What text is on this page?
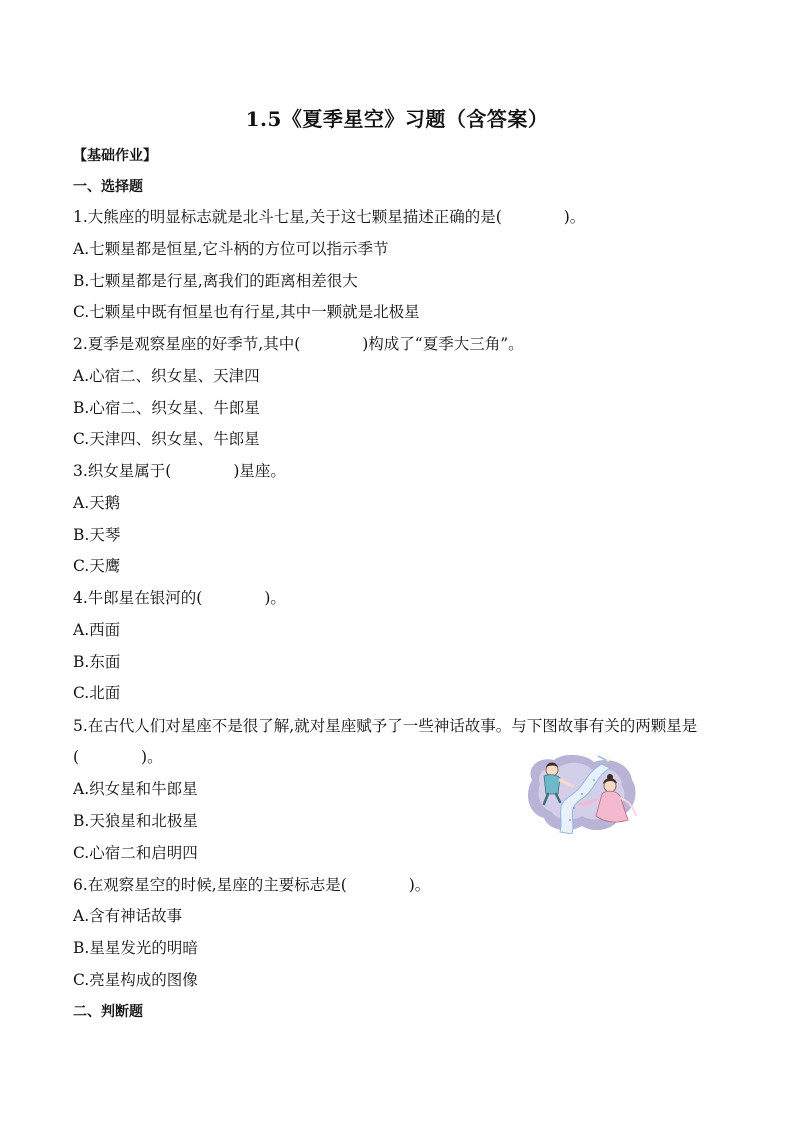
1.5《夏季星空》习题（含答案）
【基础作业】
一、选择题
1.大熊座的明显标志就是北斗七星,关于这七颗星描述正确的是(　　　　)。
A.七颗星都是恒星,它斗柄的方位可以指示季节
B.七颗星都是行星,离我们的距离相差很大
C.七颗星中既有恒星也有行星,其中一颗就是北极星
2.夏季是观察星座的好季节,其中(　　　　)构成了“夏季大三角”。
A.心宿二、织女星、天津四
B.心宿二、织女星、牛郎星
C.天津四、织女星、牛郎星
3.织女星属于(　　　　)星座。
A.天鹅
B.天琴
C.天鹰
4.牛郎星在银河的(　　　　)。
A.西面
B.东面
C.北面
5.在古代人们对星座不是很了解,就对星座赋予了一些神话故事。与下图故事有关的两颗星是
(　　　　)。
A.织女星和牛郎星
B.天狼星和北极星
C.心宿二和启明四
6.在观察星空的时候,星座的主要标志是(　　　　)。
A.含有神话故事
B.星星发光的明暗
C.亮星构成的图像
二、判断题
